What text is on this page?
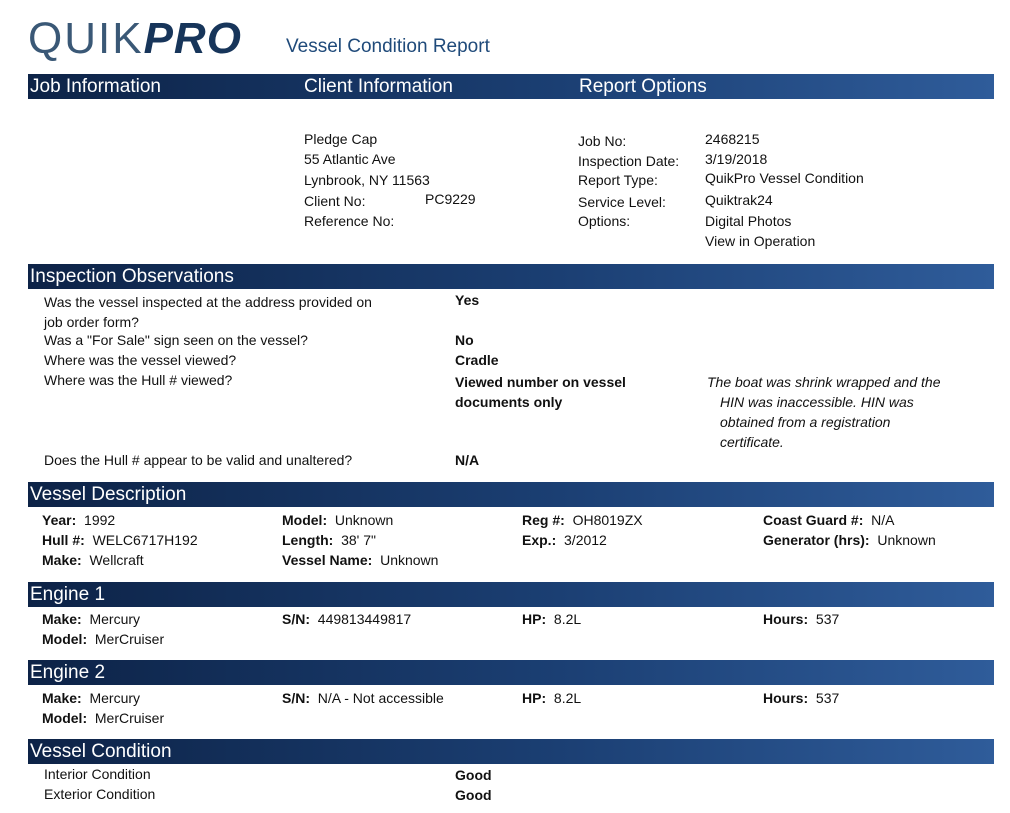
QUIKPRO Vessel Condition Report
Job Information	Client Information	Report Options
Pledge Cap
55 Atlantic Ave
Lynbrook, NY 11563
Client No:	PC9229
Reference No:
Job No:	2468215
Inspection Date: 3/19/2018
Report Type:	QuikPro Vessel Condition
Service Level:	Quiktrak24
Options:	Digital Photos
View in Operation
Inspection Observations
Was the vessel inspected at the address provided on
job order form?
Yes
Was a "For Sale" sign seen on the vessel?	No
Where was the vessel viewed?	Cradle
Where was the Hull # viewed?	Viewed number on vessel
documents only
The boat was shrink wrapped and the
HIN was inaccessible. HIN was
obtained from a registration
certificate.
Does the Hull # appear to be valid and unaltered?	N/A
Vessel Description
Year: 1992	Model: Unknown	Reg #: OH8019ZX	Coast Guard #: N/A
Hull #: WELC6717H192	Length: 38' 7"	Exp.: 3/2012	Generator (hrs): Unknown
Make: Wellcraft	Vessel Name: Unknown
Engine 1
Make: Mercury	S/N: 449813449817	HP: 8.2L	Hours: 537
Model: MerCruiser
Engine 2
Make: Mercury	S/N: N/A - Not accessible	HP: 8.2L	Hours: 537
Model: MerCruiser
Vessel Condition
Interior Condition	Good
Exterior Condition	Good
